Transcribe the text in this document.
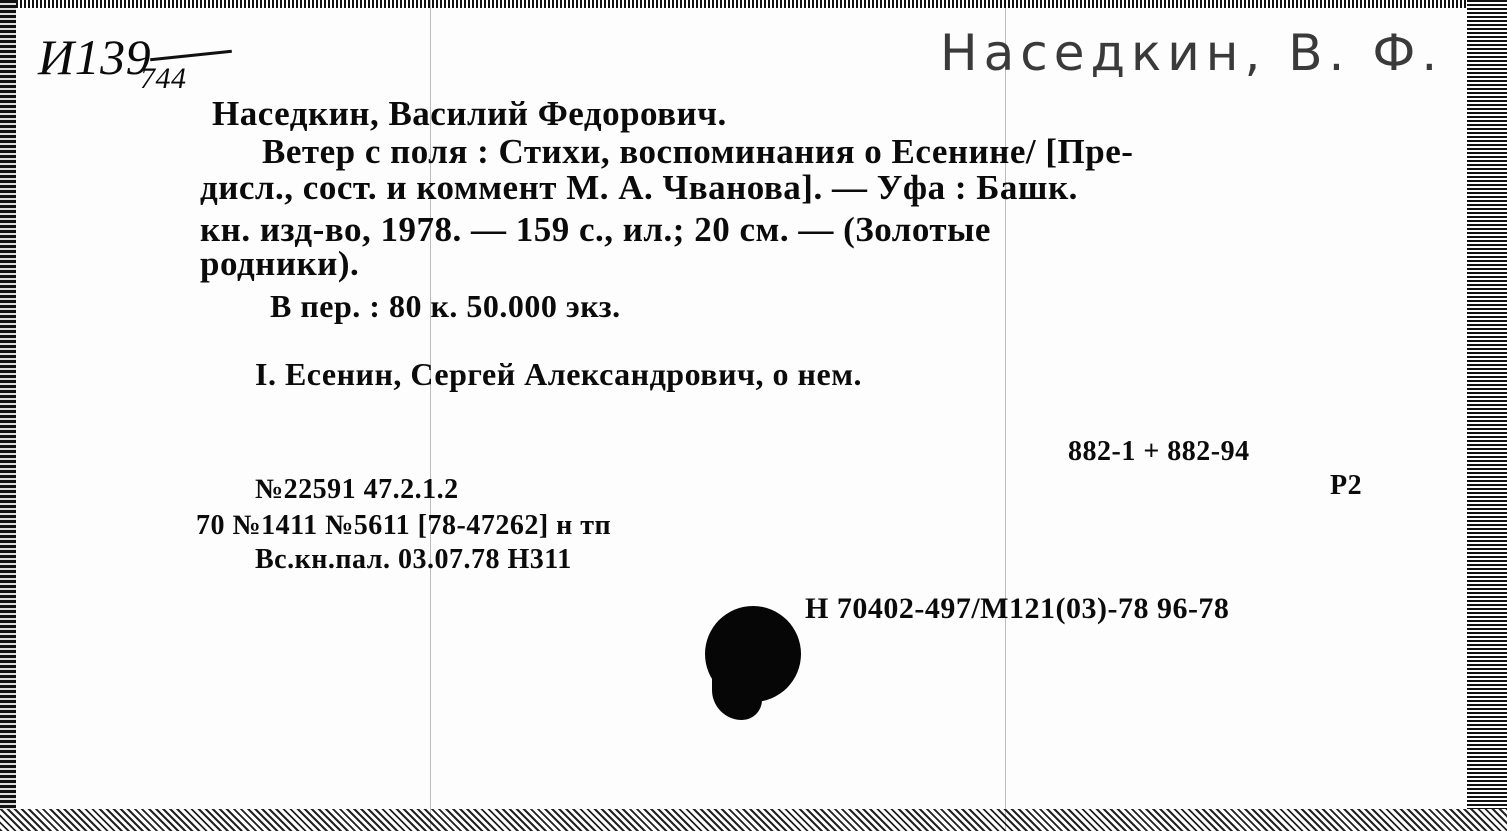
И139
744	Наседкин, В. Ф.
Наседкин, Василий Федорович.
Ветер с поля : Стихи, воспоминания о Есенине/ [Пре-
дисл., сост. и коммент М. А. Чванова]. — Уфа : Башк.
кн. изд-во, 1978. — 159 с., ил.; 20 см. — (Золотые
родники).
В пер. : 80 к. 50.000 экз.
I. Есенин, Сергей Александрович, о нем.
882-1 + 882-94
Р2
№22591 47.2.1.2
70 №1411 №5611 [78-47262] н тп
Вс.кн.пал. 03.07.78 Н311
Н 70402-497/М121(03)-78 96-78
